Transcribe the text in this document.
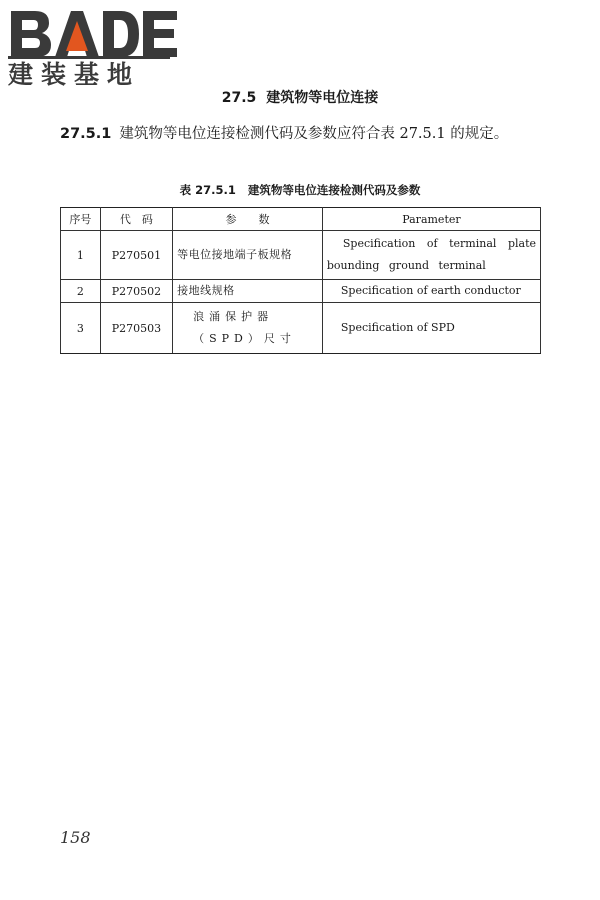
建装基地
27.5 建筑物等电位连接
27.5.1 建筑物等电位连接检测代码及参数应符合表 27.5.1 的规定。
表 27.5.1 建筑物等电位连接检测代码及参数
序号	代　码	参　　数	Parameter
1	P270501	等电位接地端子板规格	Specification of terminal plate bounding ground terminal

2	P270502	接地线规格	Specification of earth conductor

3	P270503	浪涌保护器（SPD）尺寸	Specification of SPD
158
